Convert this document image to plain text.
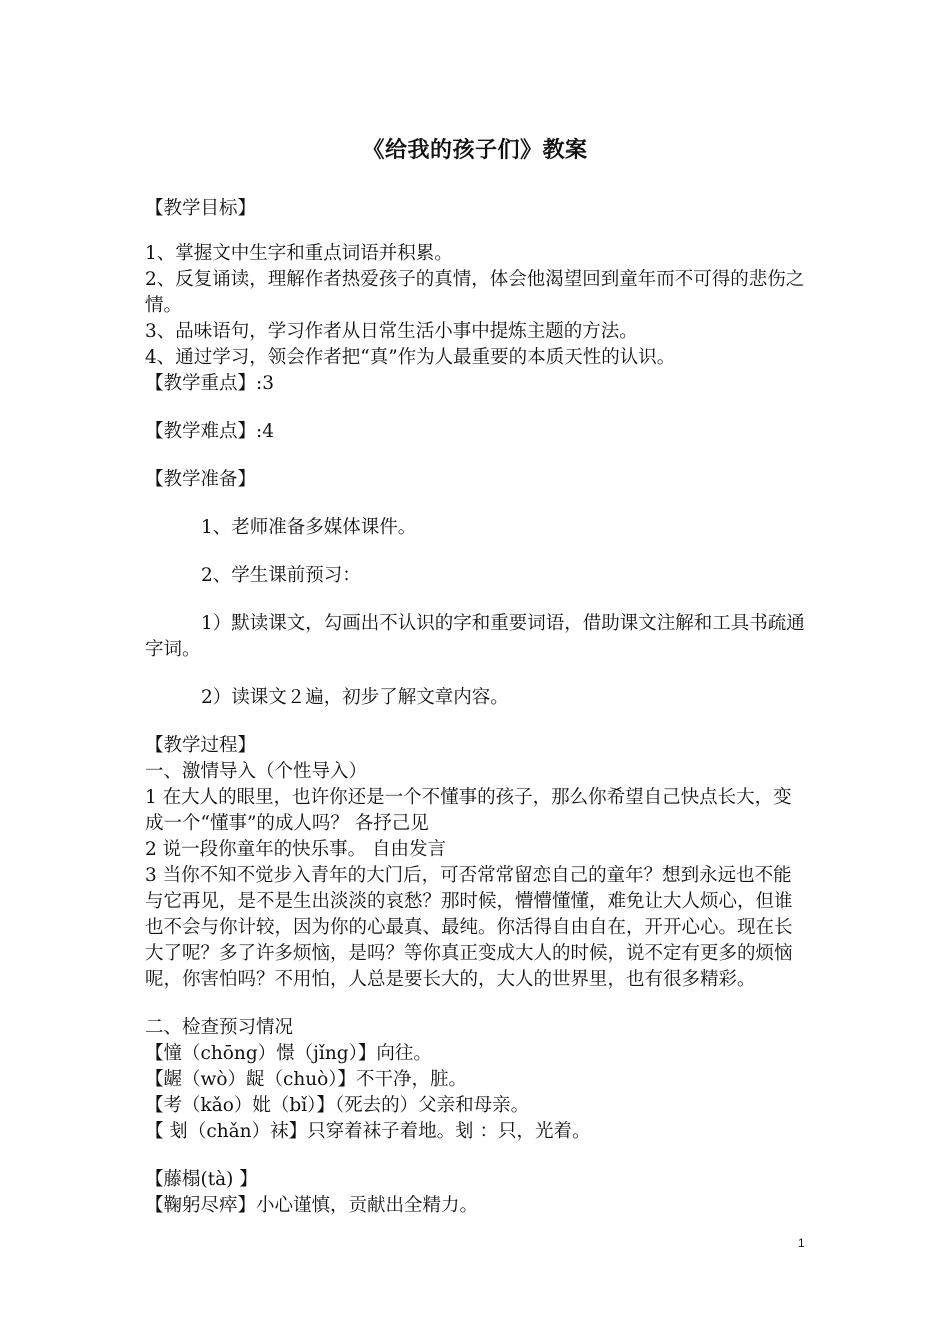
《给我的孩子们》教案

【教学目标】

1、掌握文中生字和重点词语并积累。

2、反复诵读，理解作者热爱孩子的真情，体会他渴望回到童年而不可得的悲伤之情。

3、品味语句，学习作者从日常生活小事中提炼主题的方法。

4、通过学习，领会作者把“真”作为人最重要的本质天性的认识。

【教学重点】:3

【教学难点】:4

【教学准备】

1、老师准备多媒体课件。

2、学生课前预习：

1）默读课文，勾画出不认识的字和重要词语，借助课文注解和工具书疏通字词。

2）读课文２遍，初步了解文章内容。

【教学过程】

一、激情导入（个性导入）

1 在大人的眼里，也许你还是一个不懂事的孩子，那么你希望自己快点长大，变成一个“懂事”的成人吗？ 各抒己见

2 说一段你童年的快乐事。 自由发言

3 当你不知不觉步入青年的大门后，可否常常留恋自己的童年？想到永远也不能与它再见，是不是生出淡淡的哀愁？那时候，懵懵懂懂，难免让大人烦心，但谁也不会与你计较，因为你的心最真、最纯。你活得自由自在，开开心心。现在长大了呢？多了许多烦恼，是吗？等你真正变成大人的时候，说不定有更多的烦恼呢，你害怕吗？不用怕，人总是要长大的，大人的世界里，也有很多精彩。

二、检查预习情况

【憧（chōng）憬（jǐng）】向往。

【龌（wò）龊（chuò）】不干净，脏。

【考（kǎo）妣（bǐ）】（死去的）父亲和母亲。

【 刬（chǎn）袜】只穿着袜子着地。刬 ：只，光着。

【藤榻(tà) 】

【鞠躬尽瘁】小心谨慎，贡献出全精力。

1
